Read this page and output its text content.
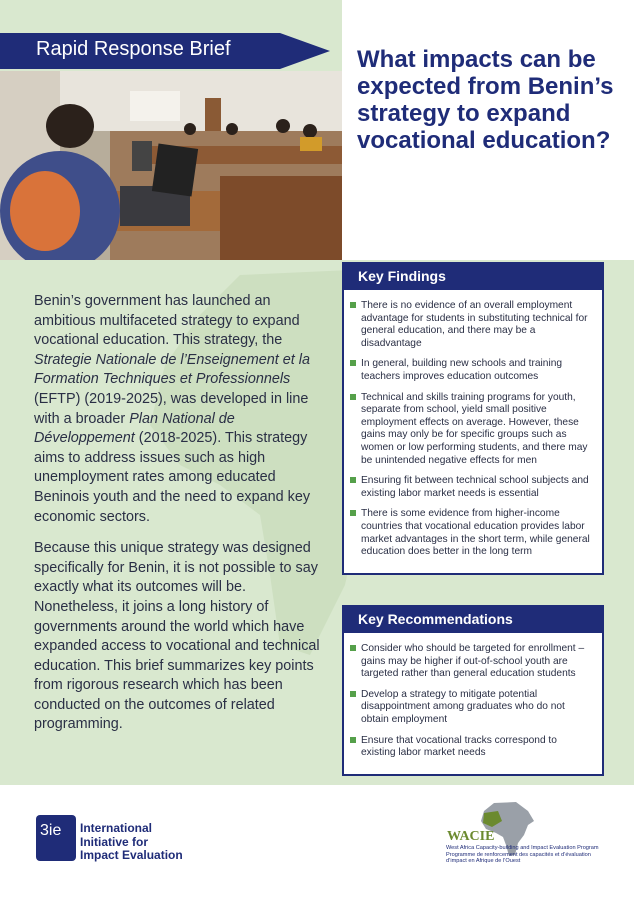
Rapid Response Brief	What impacts can be expected from Benin’s strategy to expand vocational education?

Benin’s government has launched an ambitious multifaceted strategy to expand vocational education. This strategy, the Strategie Nationale de l’Enseignement et la Formation Techniques et Professionnels (EFTP) (2019-2025), was developed in line with a broader Plan National de Développement (2018-2025). This strategy aims to address issues such as high unemployment rates among educated Beninois youth and the need to expand key economic sectors.

Because this unique strategy was designed specifically for Benin, it is not possible to say exactly what its outcomes will be. Nonetheless, it joins a long history of governments around the world which have expanded access to vocational and technical education. This brief summarizes key points from rigorous research which has been conducted on the outcomes of related programming.

Key Findings
There is no evidence of an overall employment advantage for students in substituting technical for general education, and there may be a disadvantage
In general, building new schools and training teachers improves education outcomes
Technical and skills training programs for youth, separate from school, yield small positive employment effects on average. However, these gains may only be for specific groups such as women or low performing students, and there may be unintended negative effects for men
Ensuring fit between technical school subjects and existing labor market needs is essential
There is some evidence from higher-income countries that vocational education provides labor market advantages in the short term, while general education does better in the long term
Key Recommendations
Consider who should be targeted for enrollment – gains may be higher if out-of-school youth are targeted rather than general education students
Develop a strategy to mitigate potential disappointment among graduates who do not obtain employment
Ensure that vocational tracks correspond to existing labor market needs
3ie International
Initiative for
Impact Evaluation
WACIE
West Africa Capacity-building and Impact Evaluation Program
Programme de renforcement des capacités et d’évaluation
d’impact en Afrique de l’Ouest
